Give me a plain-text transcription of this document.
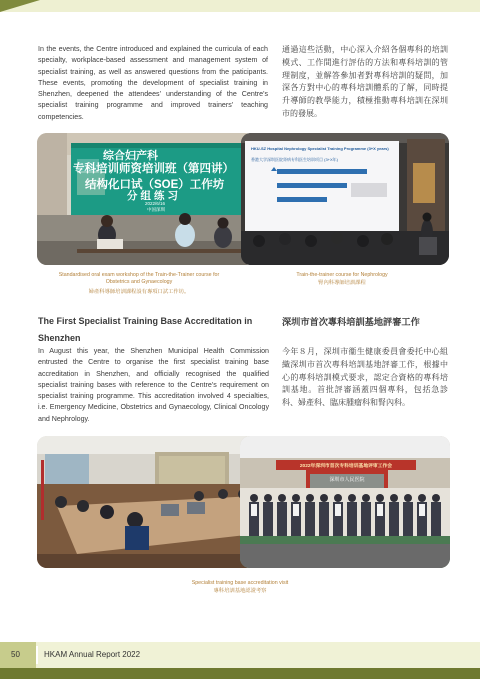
In the events, the Centre introduced and explained the curricula of each specialty, workplace-based assessment and management system of specialist training, as well as answered questions from the paticipants. These events, promoting the development of specialist training in Shenzhen, deepened the attendees' understanding of the Centre's specialist training programme and improved trainers' teaching competencies.
通過這些活動，中心深入介紹各個專科的培訓模式、工作間進行評估的方法和專科培訓的管理制度，並解答參加者對專科培訓的疑問，加深各方對中心的專科培訓體系的了解，同時提升導師的教學能力，積極推動專科培訓在深圳市的發展。
综合妇产科
专科培训师资培训班（第四讲）
结构化口试（SOE）工作坊
分组练习
2022/6/16
中国深圳
HKU-SZ Hospital Nephrology Specialist Training Programme (3+X years)
香港大学深圳医院肾病专科医生培训项目 (3+X年)
Standardised oral exam workshop of the Train-the-Trainer course for Obstetrics and Gynaecology
婦產科導師培訓課程設有專項口試工作坊。
Train-the-trainer course for Nephrology
腎內科導師培訓課程
The First Specialist Training Base Accreditation in Shenzhen
深圳市首次專科培訓基地評審工作
In August this year, the Shenzhen Municipal Health Commission entrusted the Centre to organise the first specialist training base accreditation in Shenzhen, and officially recognised the qualified specialist training bases with reference to the Centre's requirement on specialist training programme. This accreditation involved 4 specialties, i.e. Emergency Medicine, Obstetrics and Gynaecology, Clinical Oncology and Nephrology.
今年８月，深圳市衞生健康委員會委托中心組織深圳市首次專科培訓基地評審工作，根據中心的專科培訓模式要求，認定合資格的專科培訓基地。首批評審涵蓋四個專科，包括急診科、婦產科、臨床腫瘤科和腎內科。
2022年深圳市首次专科培训基地评审工作会
深圳市人民医院
Specialist training base accreditation visit
專科培訓基地認證考察
50	HKAM Annual Report 2022
